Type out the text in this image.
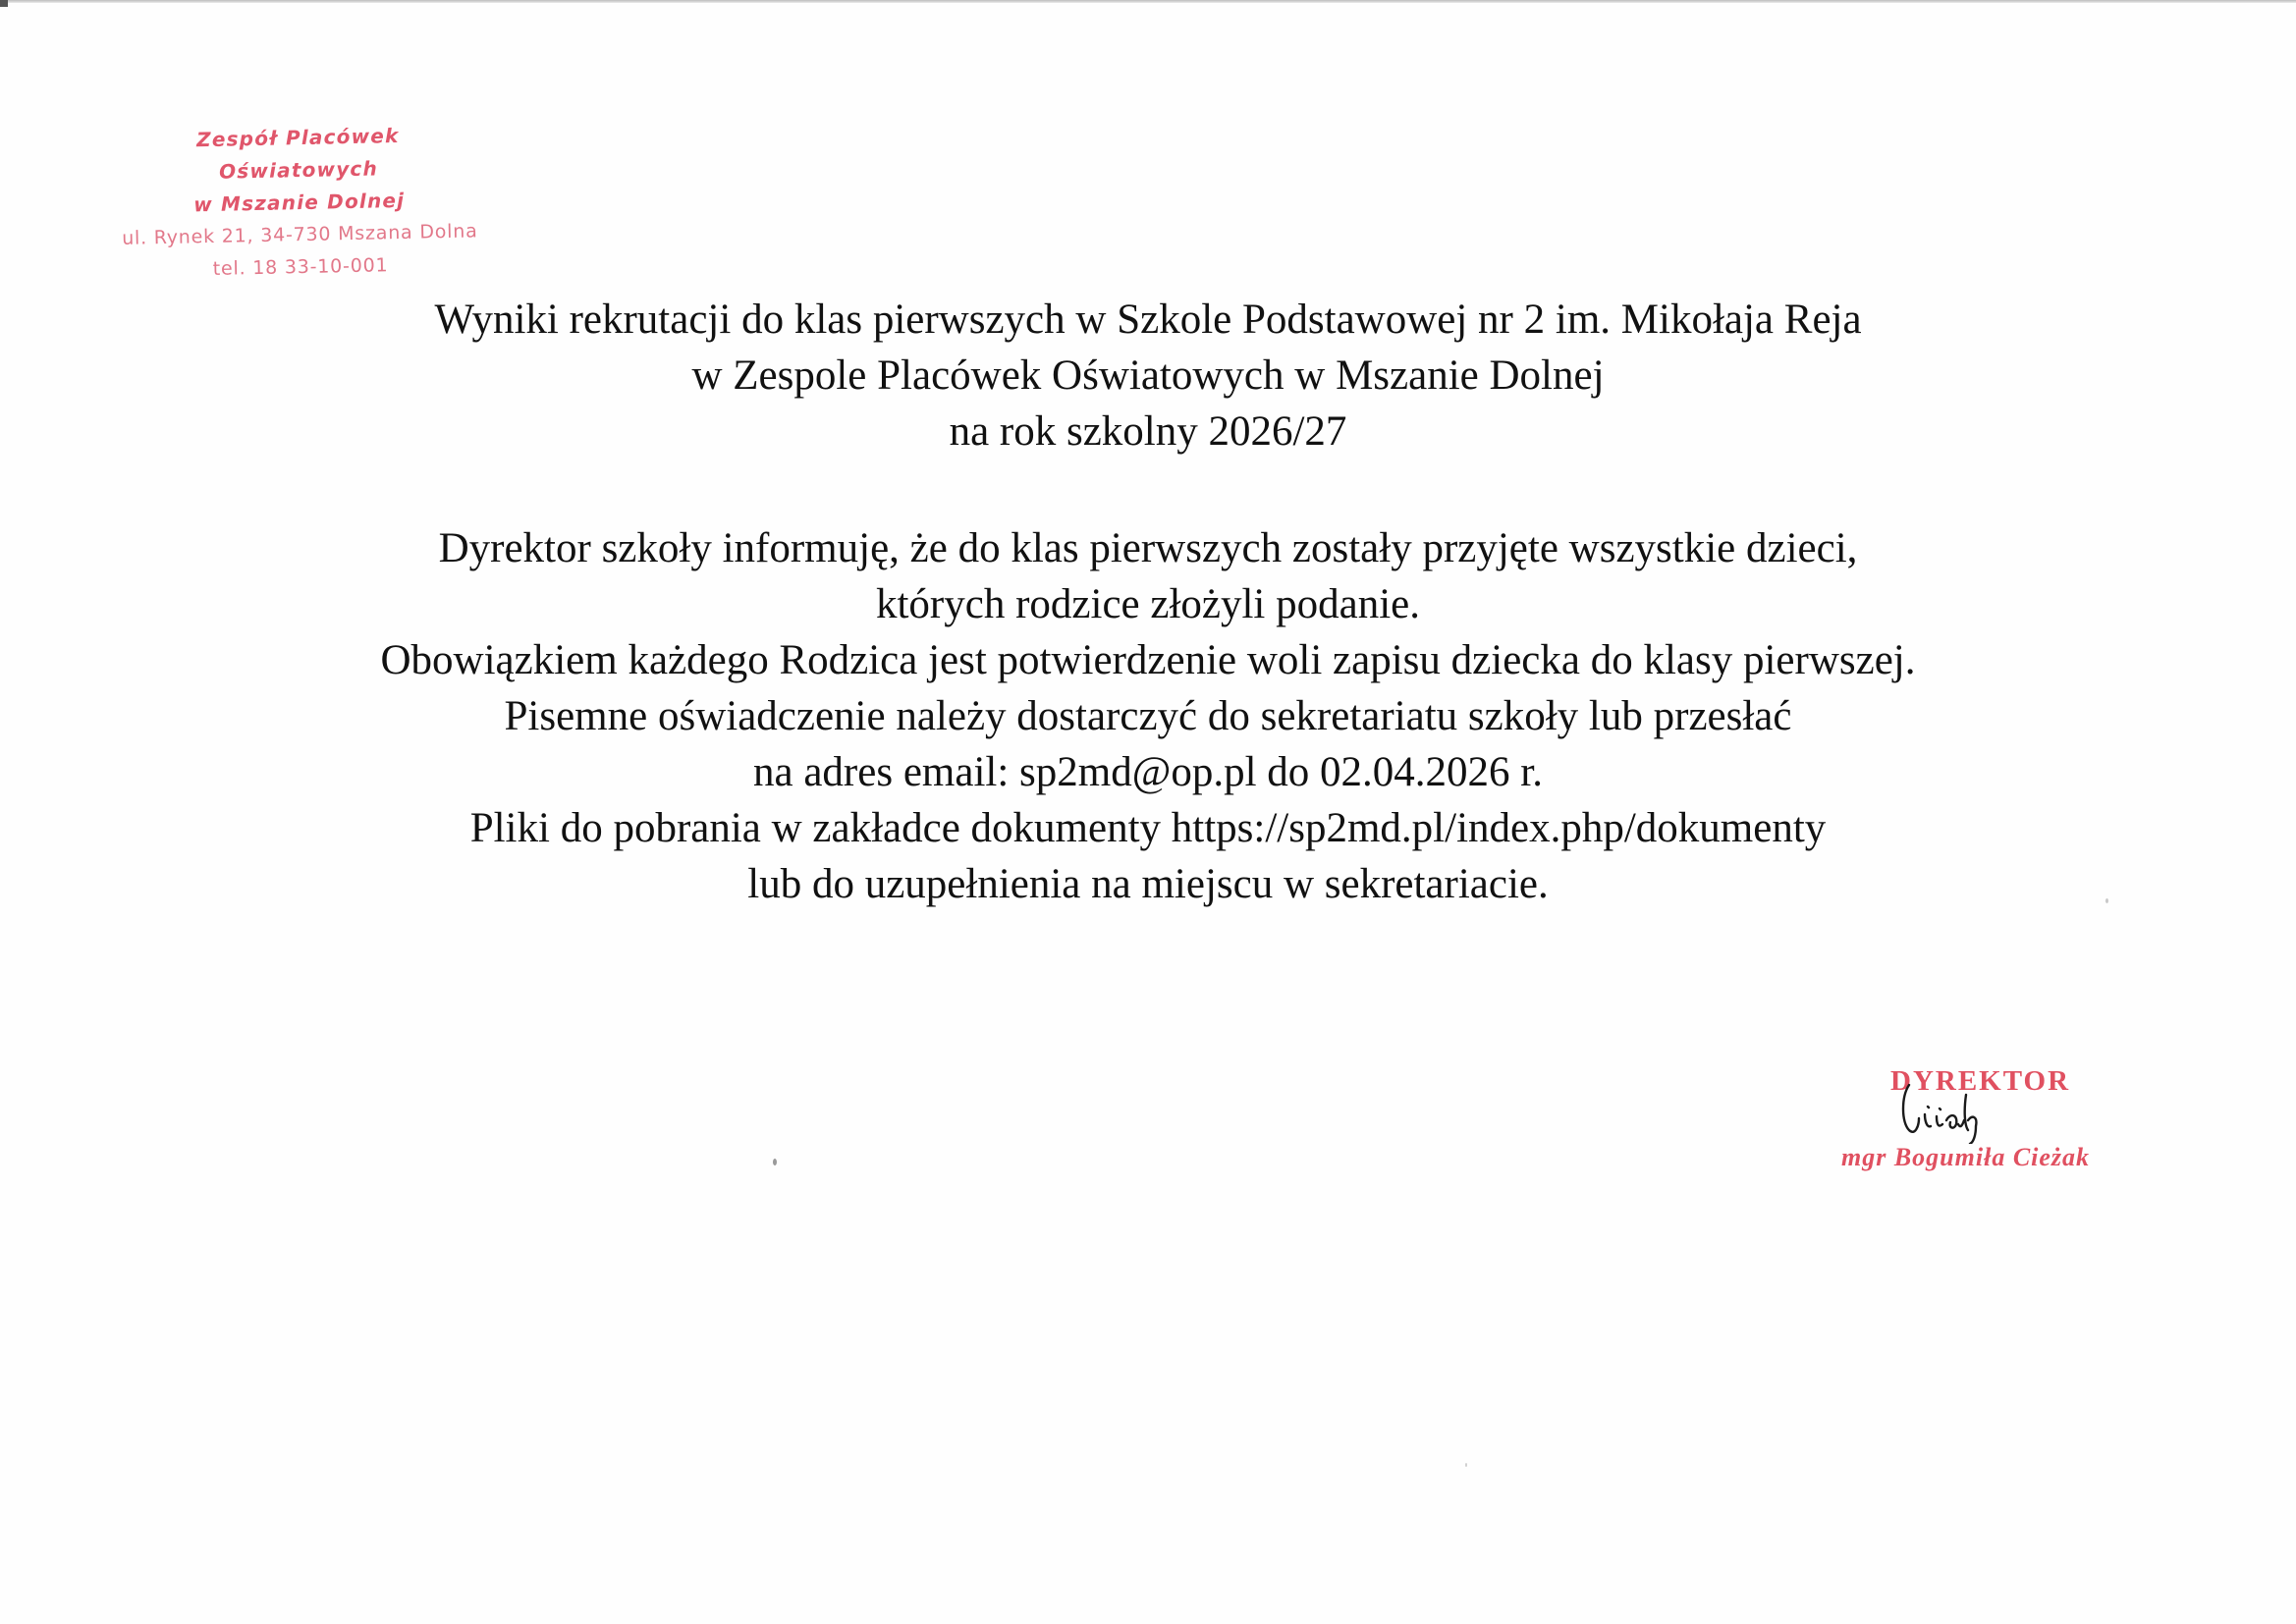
Zespół Placówek Oświatowych
w Mszanie Dolnej
ul. Rynek 21, 34-730 Mszana Dolna
tel. 18 33-10-001

Wyniki rekrutacji do klas pierwszych w Szkole Podstawowej nr 2 im. Mikołaja Reja

w Zespole Placówek Oświatowych w Mszanie Dolnej

na rok szkolny 2026/27

Dyrektor szkoły informuję, że do klas pierwszych zostały przyjęte wszystkie dzieci,

których rodzice złożyli podanie.

Obowiązkiem każdego Rodzica jest potwierdzenie woli zapisu dziecka do klasy pierwszej.

Pisemne oświadczenie należy dostarczyć do sekretariatu szkoły lub przesłać

na adres email: sp2md@op.pl do 02.04.2026 r.

Pliki do pobrania w zakładce dokumenty https://sp2md.pl/index.php/dokumenty

lub do uzupełnienia na miejscu w sekretariacie.

DYREKTOR
mgr Bogumiła Cieżak
